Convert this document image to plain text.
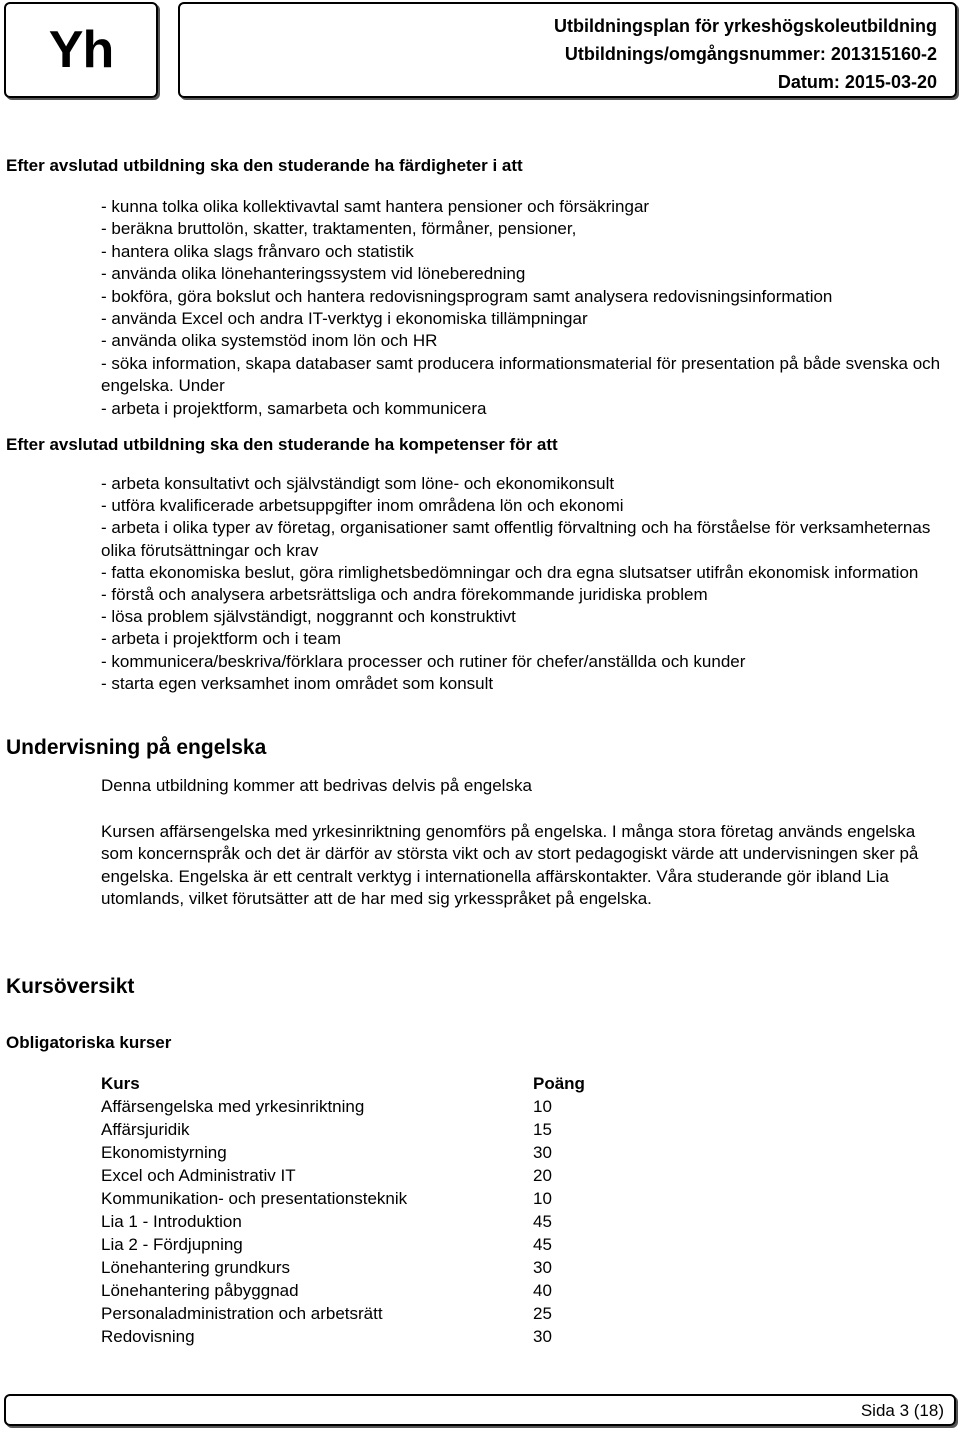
Yh	Utbildningsplan för yrkeshögskoleutbildning
Utbildnings/omgångsnummer: 201315160-2
Datum: 2015-03-20
Efter avslutad utbildning ska den studerande ha färdigheter i att
- kunna tolka olika kollektivavtal samt hantera pensioner och försäkringar
- beräkna bruttolön, skatter, traktamenten, förmåner, pensioner,
- hantera olika slags frånvaro och statistik
- använda olika lönehanteringssystem vid löneberedning
- bokföra, göra bokslut och hantera redovisningsprogram samt analysera redovisningsinformation
- använda Excel och andra IT-verktyg i ekonomiska tillämpningar
- använda olika systemstöd inom lön och HR
- söka information, skapa databaser samt producera informationsmaterial för presentation på både svenska och engelska. Under
- arbeta i projektform, samarbeta och kommunicera
Efter avslutad utbildning ska den studerande ha kompetenser för att
- arbeta konsultativt och självständigt som löne- och ekonomikonsult
- utföra kvalificerade arbetsuppgifter inom områdena lön och ekonomi
- arbeta i olika typer av företag, organisationer samt offentlig förvaltning och ha förståelse för verksamheternas olika förutsättningar och krav
- fatta ekonomiska beslut, göra rimlighetsbedömningar och dra egna slutsatser utifrån ekonomisk information
- förstå och analysera arbetsrättsliga och andra förekommande juridiska problem
- lösa problem självständigt, noggrannt och konstruktivt
- arbeta i projektform och i team
- kommunicera/beskriva/förklara processer och rutiner för chefer/anställda och kunder
- starta egen verksamhet inom området som konsult
Undervisning på engelska

Denna utbildning kommer att bedrivas delvis på engelska

Kursen affärsengelska med yrkesinriktning genomförs på engelska. I många stora företag används engelska som koncernspråk och det är därför av största vikt och av stort pedagogiskt värde att undervisningen sker på engelska. Engelska är ett centralt verktyg i internationella affärskontakter. Våra studerande gör ibland Lia utomlands, vilket förutsätter att de har med sig yrkesspråket på engelska.

Kursöversikt
Obligatoriska kurser
Kurs	Poäng
Affärsengelska med yrkesinriktning	10
Affärsjuridik	15
Ekonomistyrning	30
Excel och Administrativ IT	20
Kommunikation- och presentationsteknik	10
Lia 1 - Introduktion	45
Lia 2 - Fördjupning	45
Lönehantering grundkurs	30
Lönehantering påbyggnad	40
Personaladministration och arbetsrätt	25
Redovisning	30
Sida 3 (18)
